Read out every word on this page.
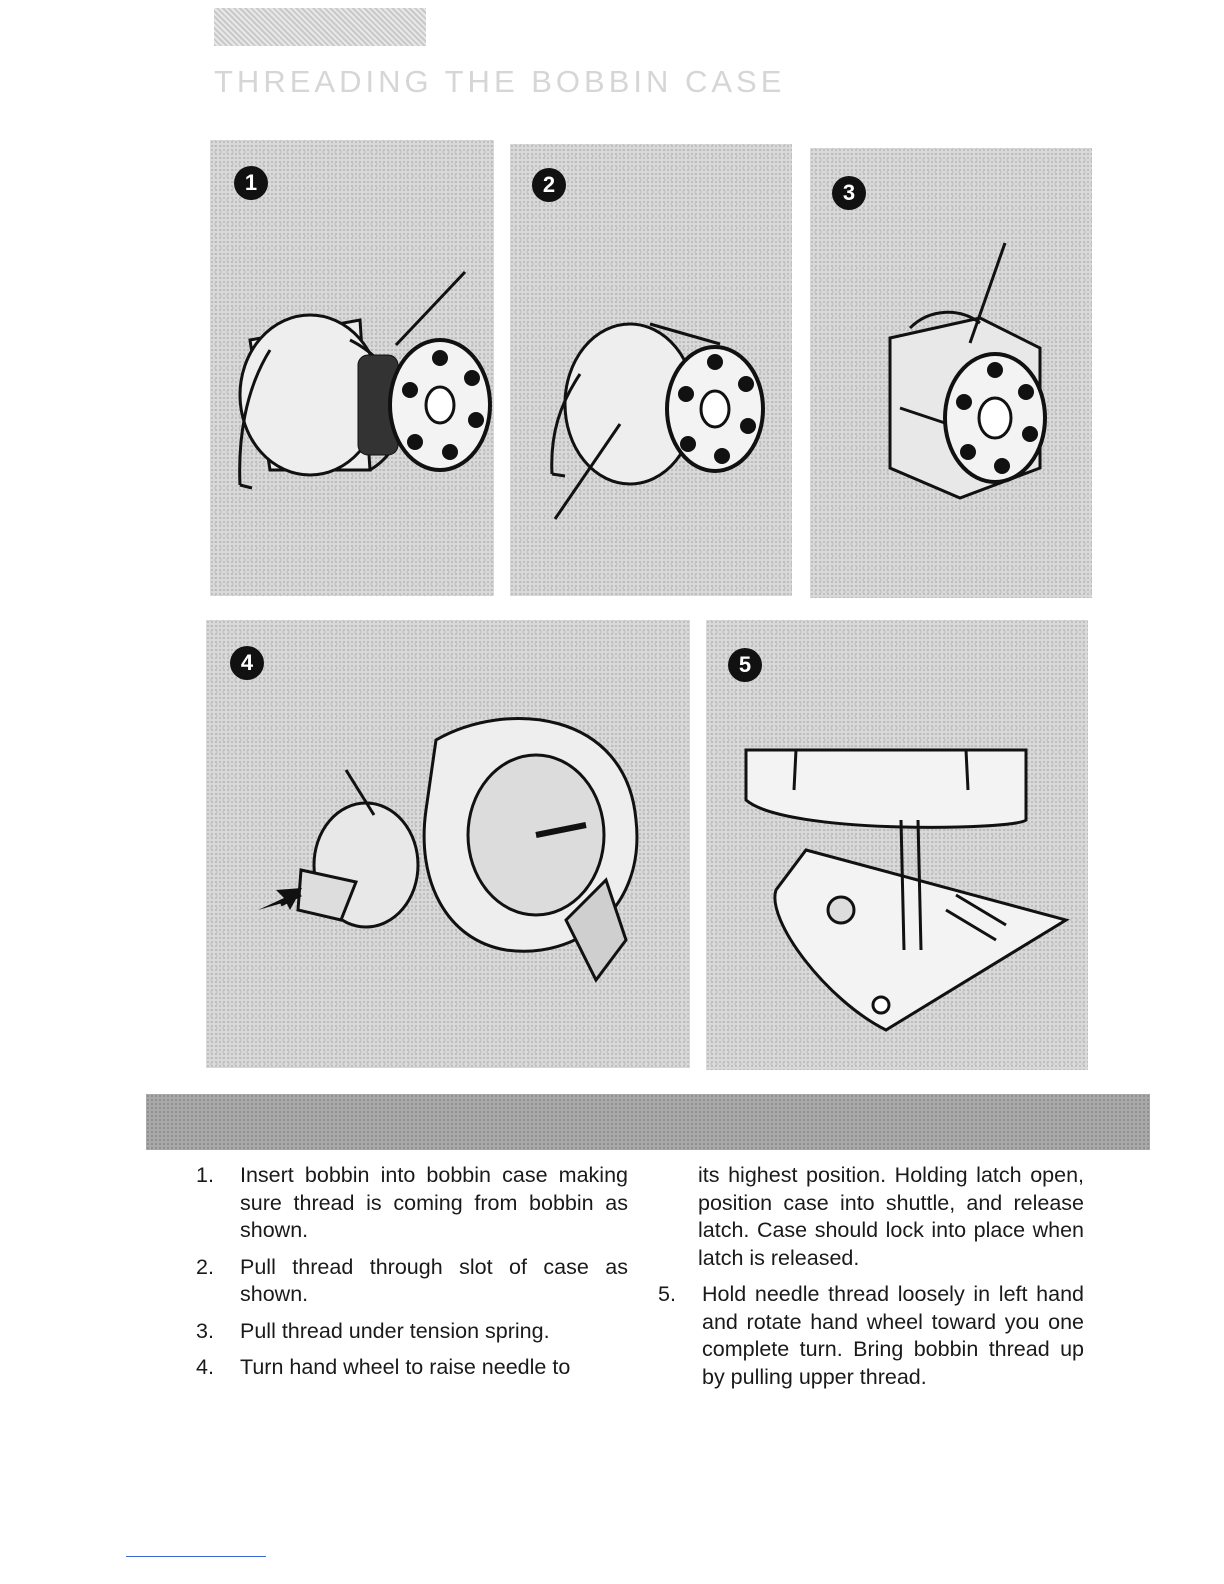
THREADING THE BOBBIN CASE
1	2	3
4	5
1.	Insert bobbin into bobbin case making sure thread is coming from bobbin as shown.
2.	Pull thread through slot of case as shown.
3.	Pull thread under tension spring.
4.	Turn hand wheel to raise needle to
its highest position. Holding latch open, position case into shuttle, and release latch. Case should lock into place when latch is released.
5.	Hold needle thread loosely in left hand and rotate hand wheel toward you one complete turn. Bring bobbin thread up by pulling upper thread.
